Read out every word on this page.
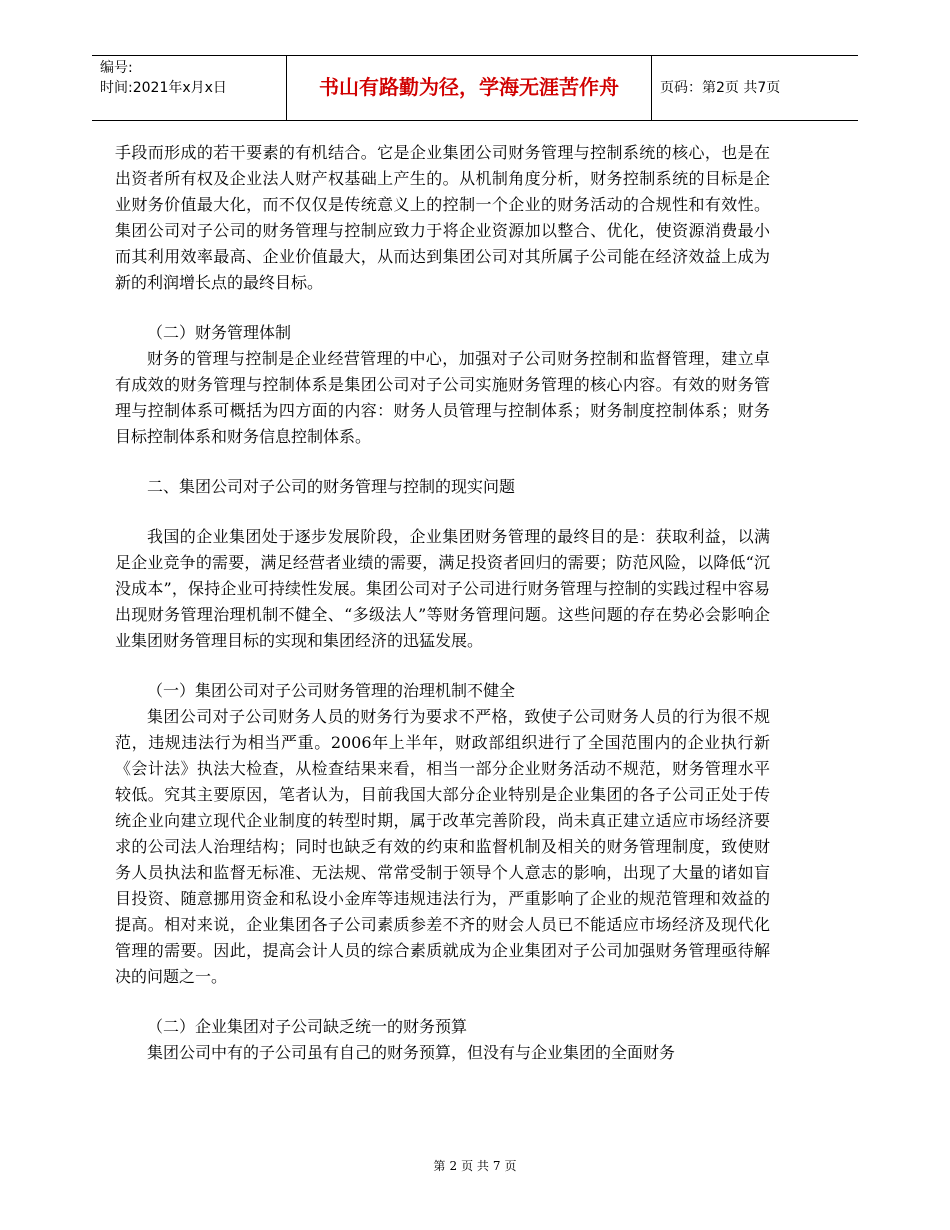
编号:
时间:2021年x月x日	书山有路勤为径，学海无涯苦作舟	页码：第2页 共7页

手段而形成的若干要素的有机结合。它是企业集团公司财务管理与控制系统的核心，也是在出资者所有权及企业法人财产权基础上产生的。从机制角度分析，财务控制系统的目标是企业财务价值最大化，而不仅仅是传统意义上的控制一个企业的财务活动的合规性和有效性。集团公司对子公司的财务管理与控制应致力于将企业资源加以整合、优化，使资源消费最小而其利用效率最高、企业价值最大，从而达到集团公司对其所属子公司能在经济效益上成为新的利润增长点的最终目标。

（二）财务管理体制

财务的管理与控制是企业经营管理的中心，加强对子公司财务控制和监督管理，建立卓有成效的财务管理与控制体系是集团公司对子公司实施财务管理的核心内容。有效的财务管理与控制体系可概括为四方面的内容：财务人员管理与控制体系；财务制度控制体系；财务目标控制体系和财务信息控制体系。

二、集团公司对子公司的财务管理与控制的现实问题

我国的企业集团处于逐步发展阶段，企业集团财务管理的最终目的是：获取利益，以满足企业竞争的需要，满足经营者业绩的需要，满足投资者回归的需要；防范风险，以降低“沉没成本”，保持企业可持续性发展。集团公司对子公司进行财务管理与控制的实践过程中容易出现财务管理治理机制不健全、“多级法人”等财务管理问题。这些问题的存在势必会影响企业集团财务管理目标的实现和集团经济的迅猛发展。

（一）集团公司对子公司财务管理的治理机制不健全

集团公司对子公司财务人员的财务行为要求不严格，致使子公司财务人员的行为很不规范，违规违法行为相当严重。2006年上半年，财政部组织进行了全国范围内的企业执行新《会计法》执法大检查，从检查结果来看，相当一部分企业财务活动不规范，财务管理水平较低。究其主要原因，笔者认为，目前我国大部分企业特别是企业集团的各子公司正处于传统企业向建立现代企业制度的转型时期，属于改革完善阶段，尚未真正建立适应市场经济要求的公司法人治理结构；同时也缺乏有效的约束和监督机制及相关的财务管理制度，致使财务人员执法和监督无标准、无法规、常常受制于领导个人意志的影响，出现了大量的诸如盲目投资、随意挪用资金和私设小金库等违规违法行为，严重影响了企业的规范管理和效益的提高。相对来说，企业集团各子公司素质参差不齐的财会人员已不能适应市场经济及现代化管理的需要。因此，提高会计人员的综合素质就成为企业集团对子公司加强财务管理亟待解决的问题之一。

（二）企业集团对子公司缺乏统一的财务预算

集团公司中有的子公司虽有自己的财务预算，但没有与企业集团的全面财务

第 2 页 共 7 页
